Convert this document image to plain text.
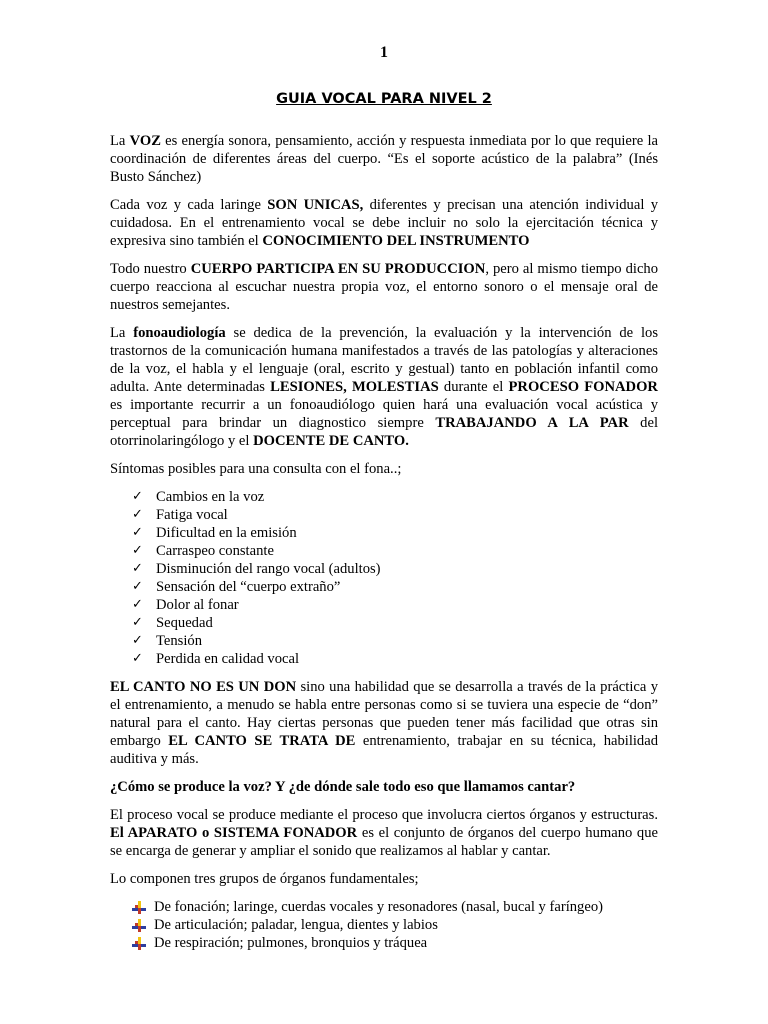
1
GUIA VOCAL PARA NIVEL 2

La VOZ es energía sonora, pensamiento, acción y respuesta inmediata por lo que requiere la coordinación de diferentes áreas del cuerpo. “Es el soporte acústico de la palabra” (Inés Busto Sánchez)

Cada voz y cada laringe SON UNICAS, diferentes y precisan una atención individual y cuidadosa. En el entrenamiento vocal se debe incluir no solo la ejercitación técnica y expresiva sino también el CONOCIMIENTO DEL INSTRUMENTO

Todo nuestro CUERPO PARTICIPA EN SU PRODUCCION, pero al mismo tiempo dicho cuerpo reacciona al escuchar nuestra propia voz, el entorno sonoro o el mensaje oral de nuestros semejantes.

La fonoaudiología se dedica de la prevención, la evaluación y la intervención de los trastornos de la comunicación humana manifestados a través de las patologías y alteraciones de la voz, el habla y el lenguaje (oral, escrito y gestual) tanto en población infantil como adulta. Ante determinadas LESIONES, MOLESTIAS durante el PROCESO FONADOR es importante recurrir a un fonoaudiólogo quien hará una evaluación vocal acústica y perceptual para brindar un diagnostico siempre TRABAJANDO A LA PAR del otorrinolaringólogo y el DOCENTE DE CANTO.

Síntomas posibles para una consulta con el fona..;

✓ Cambios en la voz
✓ Fatiga vocal
✓ Dificultad en la emisión
✓ Carraspeo constante
✓ Disminución del rango vocal (adultos)
✓ Sensación del “cuerpo extraño”
✓ Dolor al fonar
✓ Sequedad
✓ Tensión
✓ Perdida en calidad vocal

EL CANTO NO ES UN DON sino una habilidad que se desarrolla a través de la práctica y el entrenamiento, a menudo se habla entre personas como si se tuviera una especie de “don” natural para el canto. Hay ciertas personas que pueden tener más facilidad que otras sin embargo EL CANTO SE TRATA DE entrenamiento, trabajar en su técnica, habilidad auditiva y más.

¿Cómo se produce la voz? Y ¿de dónde sale todo eso que llamamos cantar?

El proceso vocal se produce mediante el proceso que involucra ciertos órganos y estructuras. El APARATO o SISTEMA FONADOR es el conjunto de órganos del cuerpo humano que se encarga de generar y ampliar el sonido que realizamos al hablar y cantar.

Lo componen tres grupos de órganos fundamentales;

De fonación; laringe, cuerdas vocales y resonadores (nasal, bucal y faríngeo)
De articulación; paladar, lengua, dientes y labios
De respiración; pulmones, bronquios y tráquea
